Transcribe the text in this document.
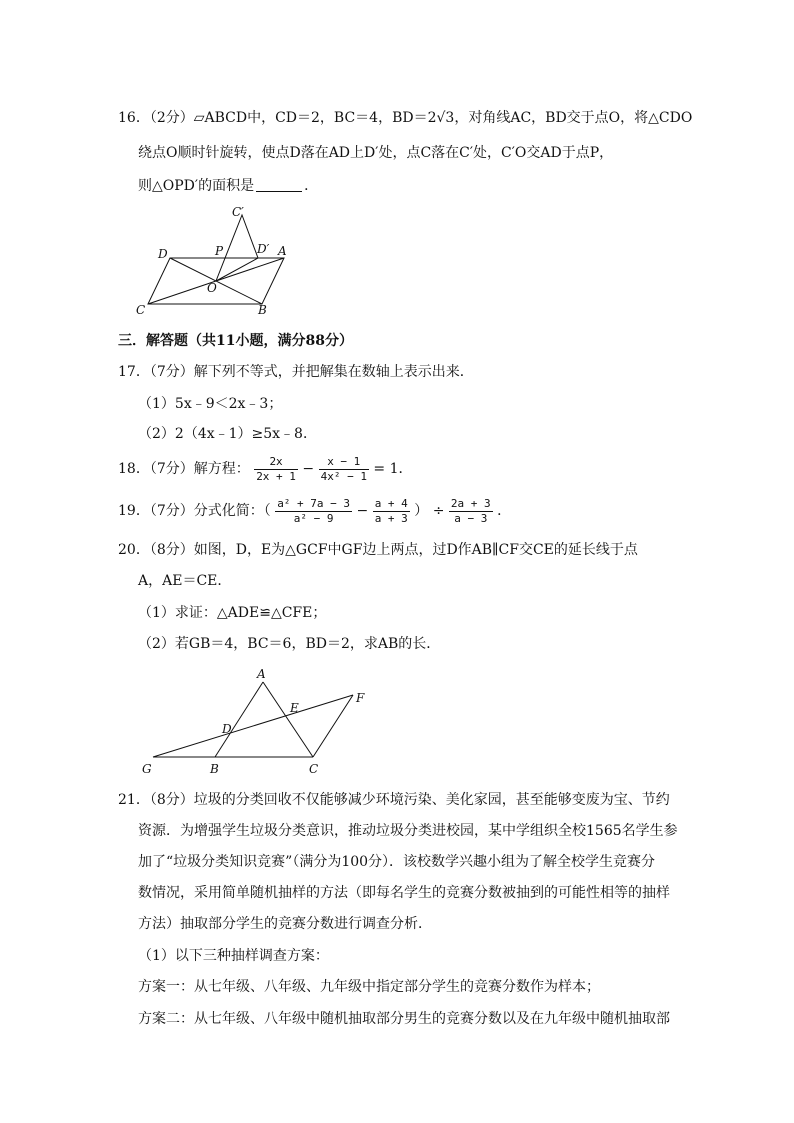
16．（2分）▱ABCD中，CD＝2，BC＝4，BD＝2√3，对角线AC，BD交于点O，将△CDO
绕点O顺时针旋转，使点D落在AD上D′处，点C落在C′处，C′O交AD于点P，
则△OPD′的面积是	．
C′
D	P	D′ A
O
C	B
三．解答题（共11小题，满分88分）
17．（7分）解下列不等式，并把解集在数轴上表示出来．
（1）5x﹣9＜2x﹣3；
（2）2（4x﹣1）≥5x﹣8．
18．（7分）解方程： $\frac{2x}{2x + 1} - \frac{x - 1}{\text{4x² − 1}} = 1$．
19．（7分）分式化简：（ $\frac{\text{a² + 7a − 3}}{\text{a² − 9}} - \frac{a + 4}{a + 3}$ ） ÷ $\frac{2a + 3}{a - 3}$ ．
20．（8分）如图，D，E为△GCF中GF边上两点，过D作AB∥CF交CE的延长线于点
A，AE＝CE．
（1）求证：△ADE≌△CFE；
（2）若GB＝4，BC＝6，BD＝2，求AB的长．
A
E
F
D
G	B	C
21．（8分）垃圾的分类回收不仅能够减少环境污染、美化家园，甚至能够变废为宝、节约
资源．为增强学生垃圾分类意识，推动垃圾分类进校园，某中学组织全校1565名学生参
加了“垃圾分类知识竞赛”（满分为100分）．该校数学兴趣小组为了解全校学生竞赛分
数情况，采用简单随机抽样的方法（即每名学生的竞赛分数被抽到的可能性相等的抽样
方法）抽取部分学生的竞赛分数进行调查分析．
（1）以下三种抽样调查方案：
方案一：从七年级、八年级、九年级中指定部分学生的竞赛分数作为样本；
方案二：从七年级、八年级中随机抽取部分男生的竞赛分数以及在九年级中随机抽取部
